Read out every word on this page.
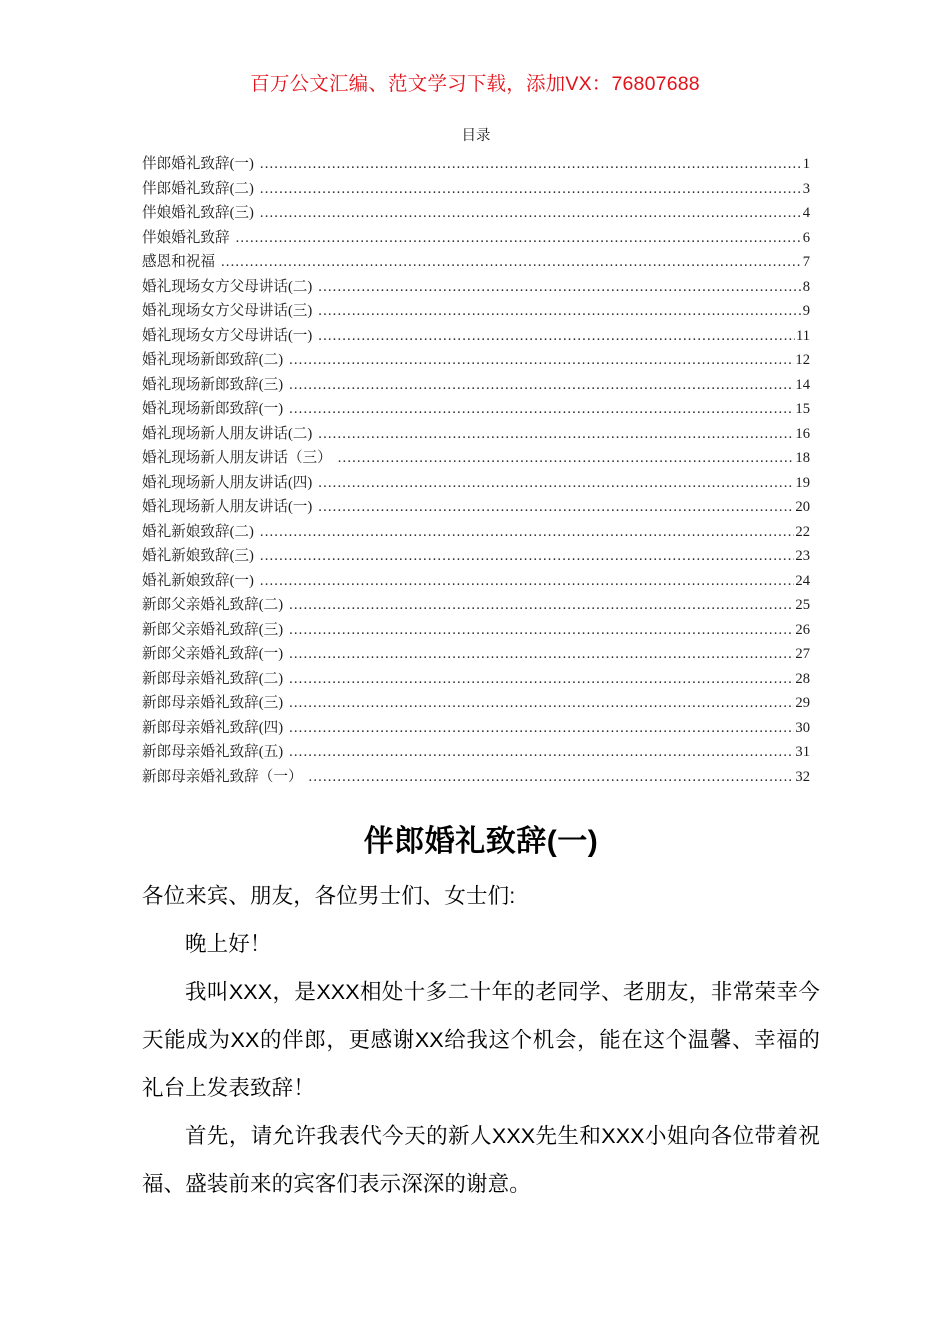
百万公文汇编、范文学习下载，添加VX：76807688
目录
伴郎婚礼致辞(一) .....	1
伴郎婚礼致辞(二) .....	3
伴娘婚礼致辞(三) .....	4
伴娘婚礼致辞 .....	6
感恩和祝福 .....	7
婚礼现场女方父母讲话(二) .....	8
婚礼现场女方父母讲话(三) .....	9
婚礼现场女方父母讲话(一) .....	11
婚礼现场新郎致辞(二) .....	12
婚礼现场新郎致辞(三) .....	14
婚礼现场新郎致辞(一) .....	15
婚礼现场新人朋友讲话(二) .....	16
婚礼现场新人朋友讲话（三） .....	18
婚礼现场新人朋友讲话(四) .....	19
婚礼现场新人朋友讲话(一) .....	20
婚礼新娘致辞(二) .....	22
婚礼新娘致辞(三) .....	23
婚礼新娘致辞(一) .....	24
新郎父亲婚礼致辞(二) .....	25
新郎父亲婚礼致辞(三) .....	26
新郎父亲婚礼致辞(一) .....	27
新郎母亲婚礼致辞(二) .....	28
新郎母亲婚礼致辞(三) .....	29
新郎母亲婚礼致辞(四) .....	30
新郎母亲婚礼致辞(五) .....	31
新郎母亲婚礼致辞（一） .....	32
伴郎婚礼致辞(一)

各位来宾、朋友，各位男士们、女士们:

晚上好！

我叫XXX，是XXX相处十多二十年的老同学、老朋友，非常荣幸今天能成为XX的伴郎，更感谢XX给我这个机会，能在这个温馨、幸福的礼台上发表致辞！

首先，请允许我表代今天的新人XXX先生和XXX小姐向各位带着祝福、盛装前来的宾客们表示深深的谢意。
